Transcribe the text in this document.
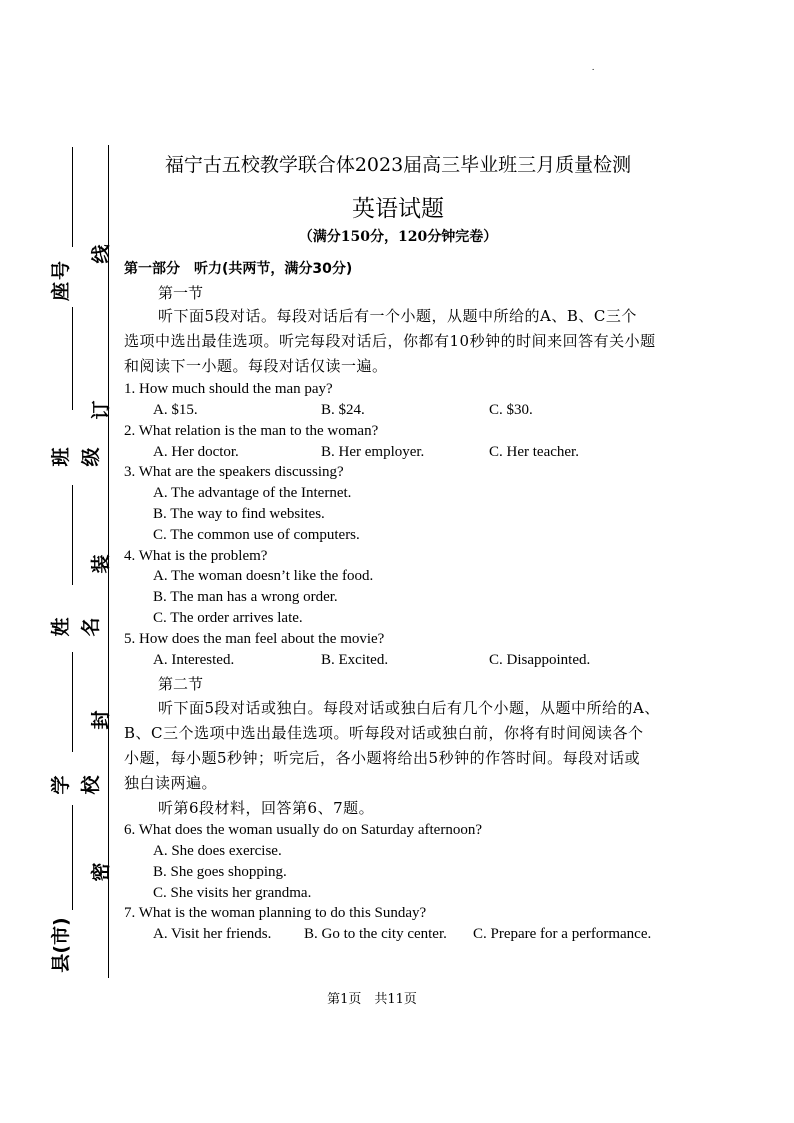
.
座号
班级
姓名
学校
县(市)
线
订
装
封
密
福宁古五校教学联合体2023届高三毕业班三月质量检测
英语试题
（满分150分，120分钟完卷）
第一部分　听力(共两节，满分30分)
第一节
听下面5段对话。每段对话后有一个小题，从题中所给的A、B、C三个
选项中选出最佳选项。听完每段对话后，你都有10秒钟的时间来回答有关小题
和阅读下一小题。每段对话仅读一遍。
1. How much should the man pay?
A. $15.	B. $24.	C. $30.
2. What relation is the man to the woman?
A. Her doctor.	B. Her employer.	C. Her teacher.
3. What are the speakers discussing?
A. The advantage of the Internet.
B. The way to find websites.
C. The common use of computers.
4. What is the problem?
A. The woman doesn’t like the food.
B. The man has a wrong order.
C. The order arrives late.
5. How does the man feel about the movie?
A. Interested.	B. Excited.	C. Disappointed.
第二节
听下面5段对话或独白。每段对话或独白后有几个小题，从题中所给的A、
B、C三个选项中选出最佳选项。听每段对话或独白前，你将有时间阅读各个
小题，每小题5秒钟；听完后，各小题将给出5秒钟的作答时间。每段对话或
独白读两遍。
听第6段材料，回答第6、7题。
6. What does the woman usually do on Saturday afternoon?
A. She does exercise.
B. She goes shopping.
C. She visits her grandma.
7. What is the woman planning to do this Sunday?
A. Visit her friends. B. Go to the city center. C. Prepare for a performance.
第1页　共11页
